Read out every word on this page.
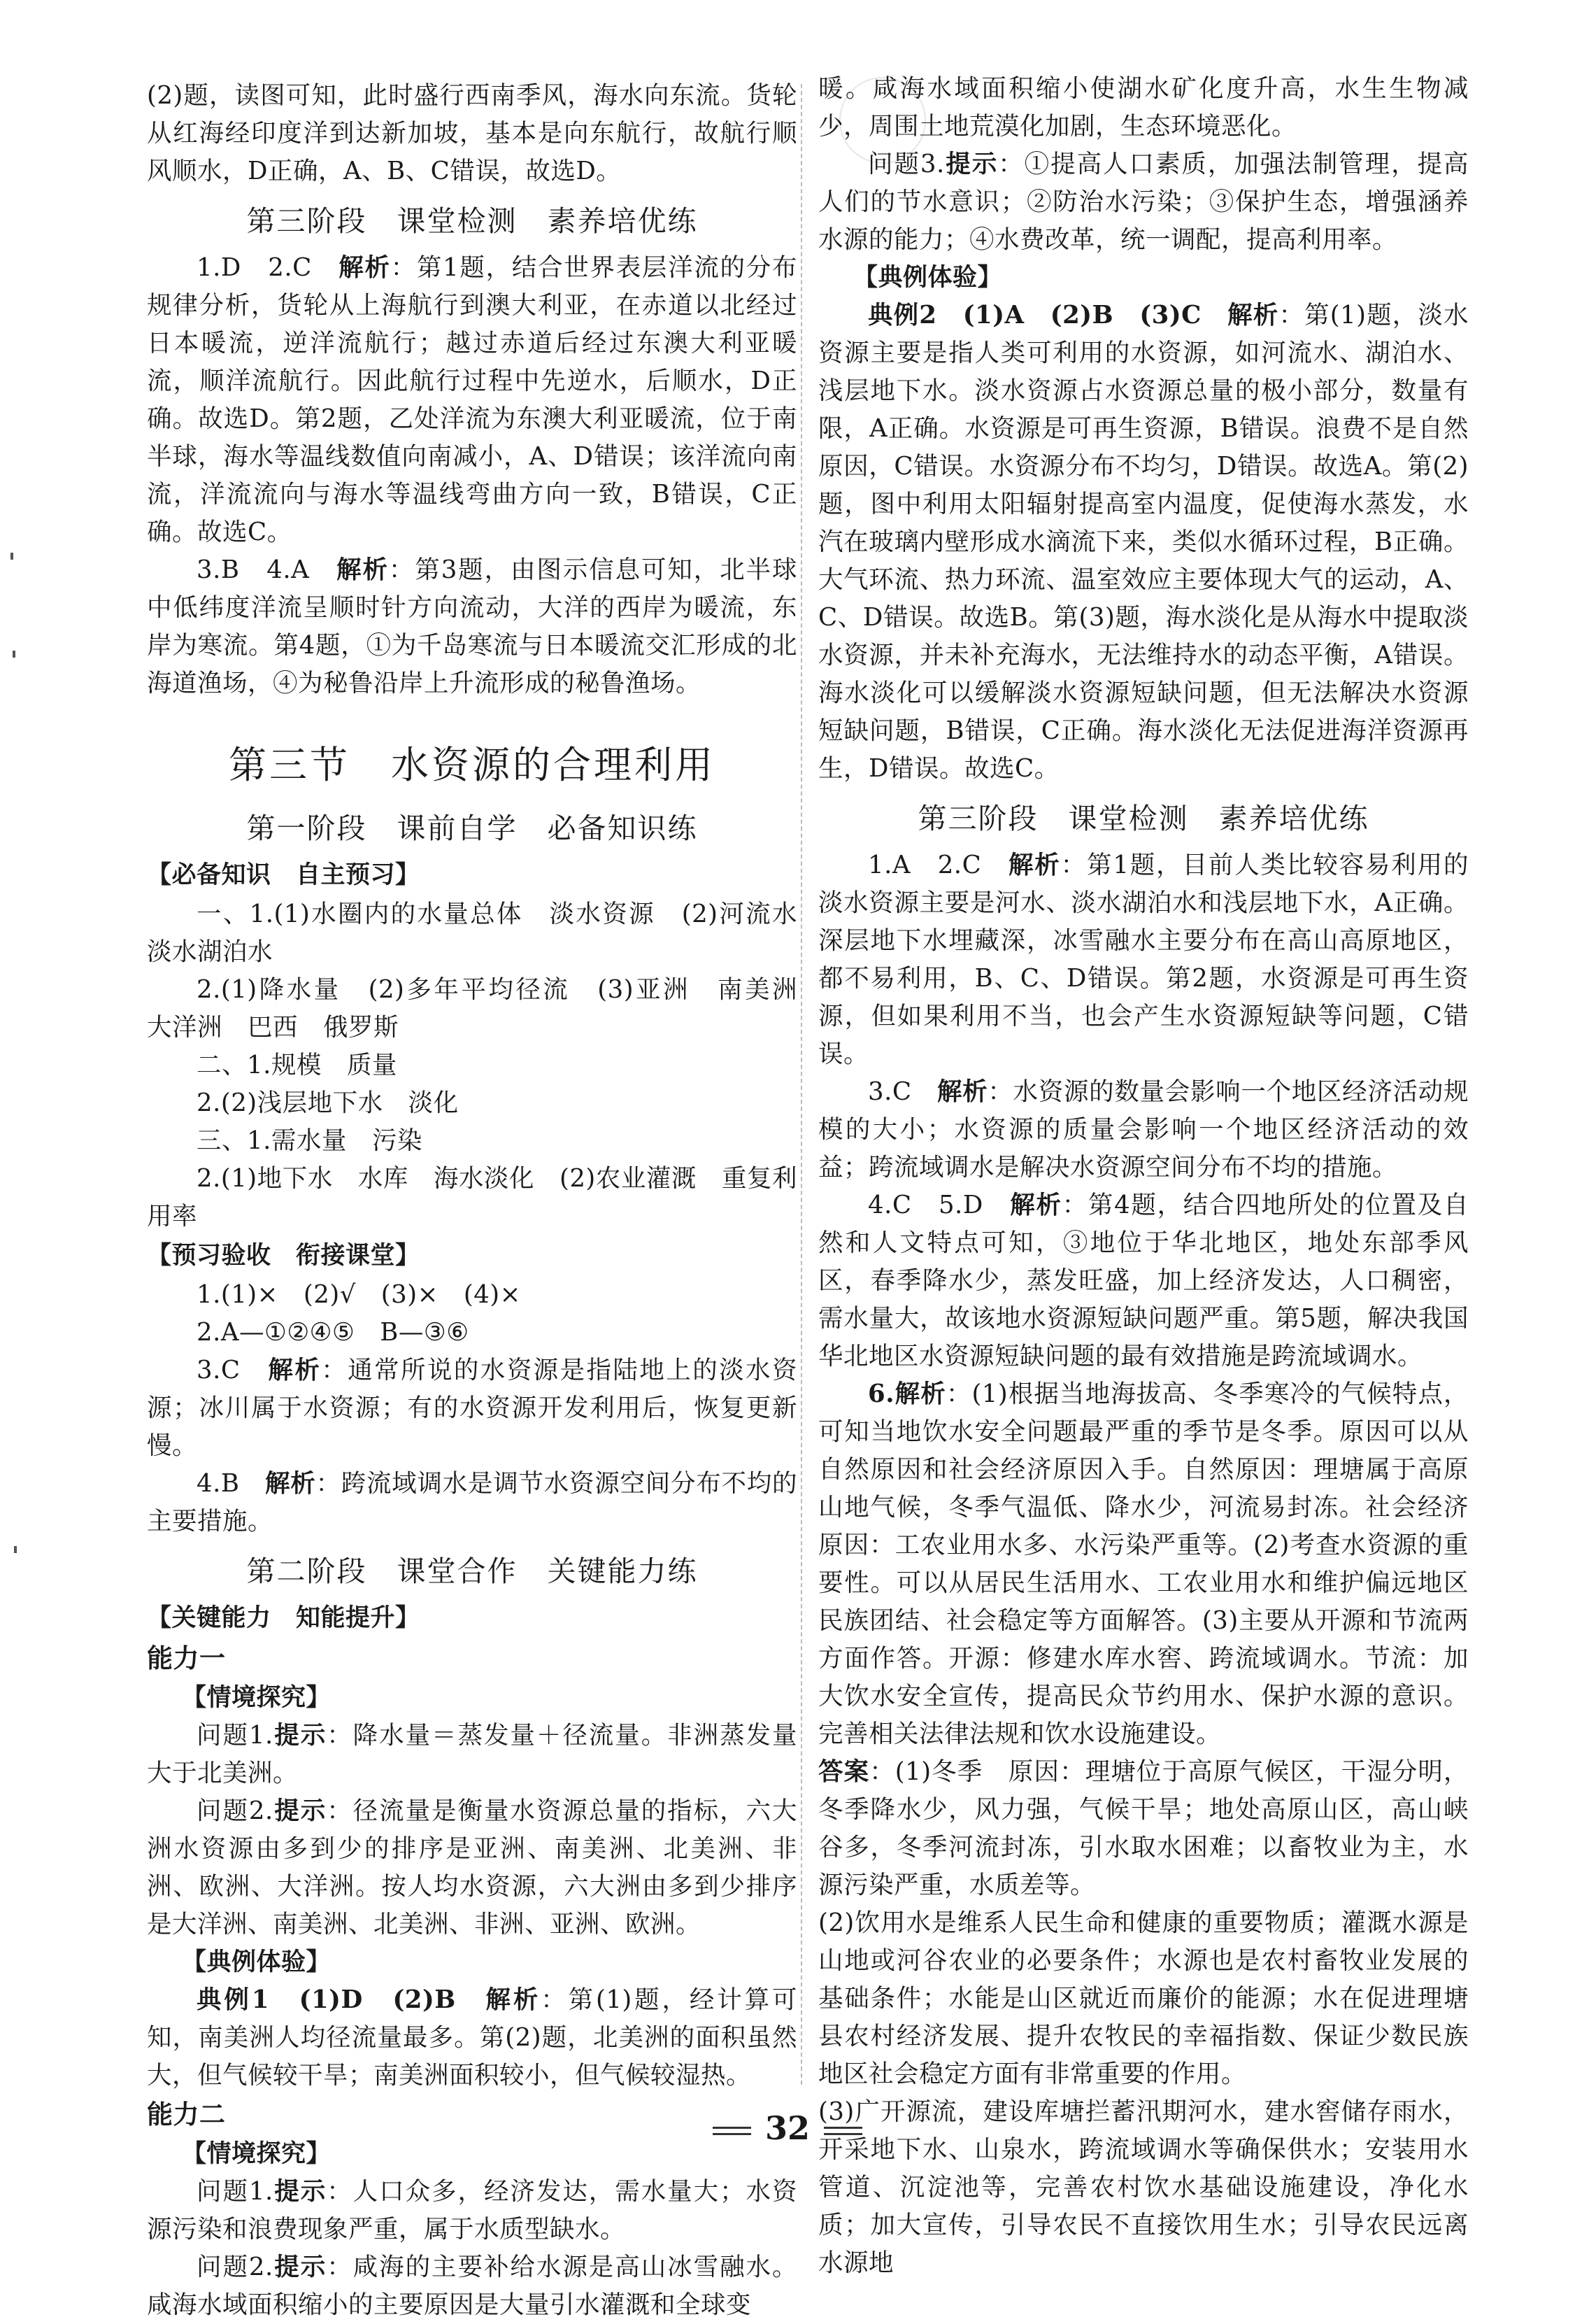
(2)题，读图可知，此时盛行西南季风，海水向东流。货轮从红海经印度洋到达新加坡，基本是向东航行，故航行顺风顺水，D正确，A、B、C错误，故选D。

第三阶段　课堂检测　素养培优练

1.D　2.C　解析：第1题，结合世界表层洋流的分布规律分析，货轮从上海航行到澳大利亚，在赤道以北经过日本暖流，逆洋流航行；越过赤道后经过东澳大利亚暖流，顺洋流航行。因此航行过程中先逆水，后顺水，D正确。故选D。第2题，乙处洋流为东澳大利亚暖流，位于南半球，海水等温线数值向南减小，A、D错误；该洋流向南流，洋流流向与海水等温线弯曲方向一致，B错误，C正确。故选C。

3.B　4.A　解析：第3题，由图示信息可知，北半球中低纬度洋流呈顺时针方向流动，大洋的西岸为暖流，东岸为寒流。第4题，①为千岛寒流与日本暖流交汇形成的北海道渔场，④为秘鲁沿岸上升流形成的秘鲁渔场。

第三节　水资源的合理利用
第一阶段　课前自学　必备知识练
【必备知识　自主预习】

一、1.(1)水圈内的水量总体　淡水资源　(2)河流水　淡水湖泊水

2.(1)降水量　(2)多年平均径流　(3)亚洲　南美洲　大洋洲　巴西　俄罗斯

二、1.规模　质量

2.(2)浅层地下水　淡化

三、1.需水量　污染

2.(1)地下水　水库　海水淡化　(2)农业灌溉　重复利用率

【预习验收　衔接课堂】

1.(1)×　(2)√　(3)×　(4)×

2.A—①②④⑤　B—③⑥

3.C　解析：通常所说的水资源是指陆地上的淡水资源；冰川属于水资源；有的水资源开发利用后，恢复更新慢。

4.B　解析：跨流域调水是调节水资源空间分布不均的主要措施。

第二阶段　课堂合作　关键能力练
【关键能力　知能提升】
能力一
【情境探究】

问题1.提示：降水量＝蒸发量＋径流量。非洲蒸发量大于北美洲。

问题2.提示：径流量是衡量水资源总量的指标，六大洲水资源由多到少的排序是亚洲、南美洲、北美洲、非洲、欧洲、大洋洲。按人均水资源，六大洲由多到少排序是大洋洲、南美洲、北美洲、非洲、亚洲、欧洲。

【典例体验】

典例1　(1)D　(2)B　解析：第(1)题，经计算可知，南美洲人均径流量最多。第(2)题，北美洲的面积虽然大，但气候较干旱；南美洲面积较小，但气候较湿热。

能力二
【情境探究】

问题1.提示：人口众多，经济发达，需水量大；水资源污染和浪费现象严重，属于水质型缺水。

问题2.提示：咸海的主要补给水源是高山冰雪融水。咸海水域面积缩小的主要原因是大量引水灌溉和全球变

暖。咸海水域面积缩小使湖水矿化度升高，水生生物减少，周围土地荒漠化加剧，生态环境恶化。

问题3.提示：①提高人口素质，加强法制管理，提高人们的节水意识；②防治水污染；③保护生态，增强涵养水源的能力；④水费改革，统一调配，提高利用率。

【典例体验】

典例2　(1)A　(2)B　(3)C　解析：第(1)题，淡水资源主要是指人类可利用的水资源，如河流水、湖泊水、浅层地下水。淡水资源占水资源总量的极小部分，数量有限，A正确。水资源是可再生资源，B错误。浪费不是自然原因，C错误。水资源分布不均匀，D错误。故选A。第(2)题，图中利用太阳辐射提高室内温度，促使海水蒸发，水汽在玻璃内壁形成水滴流下来，类似水循环过程，B正确。大气环流、热力环流、温室效应主要体现大气的运动，A、C、D错误。故选B。第(3)题，海水淡化是从海水中提取淡水资源，并未补充海水，无法维持水的动态平衡，A错误。海水淡化可以缓解淡水资源短缺问题，但无法解决水资源短缺问题，B错误，C正确。海水淡化无法促进海洋资源再生，D错误。故选C。

第三阶段　课堂检测　素养培优练

1.A　2.C　解析：第1题，目前人类比较容易利用的淡水资源主要是河水、淡水湖泊水和浅层地下水，A正确。深层地下水埋藏深，冰雪融水主要分布在高山高原地区，都不易利用，B、C、D错误。第2题，水资源是可再生资源，但如果利用不当，也会产生水资源短缺等问题，C错误。

3.C　解析：水资源的数量会影响一个地区经济活动规模的大小；水资源的质量会影响一个地区经济活动的效益；跨流域调水是解决水资源空间分布不均的措施。

4.C　5.D　解析：第4题，结合四地所处的位置及自然和人文特点可知，③地位于华北地区，地处东部季风区，春季降水少，蒸发旺盛，加上经济发达，人口稠密，需水量大，故该地水资源短缺问题严重。第5题，解决我国华北地区水资源短缺问题的最有效措施是跨流域调水。

6.解析：(1)根据当地海拔高、冬季寒冷的气候特点，可知当地饮水安全问题最严重的季节是冬季。原因可以从自然原因和社会经济原因入手。自然原因：理塘属于高原山地气候，冬季气温低、降水少，河流易封冻。社会经济原因：工农业用水多、水污染严重等。(2)考查水资源的重要性。可以从居民生活用水、工农业用水和维护偏远地区民族团结、社会稳定等方面解答。(3)主要从开源和节流两方面作答。开源：修建水库水窖、跨流域调水。节流：加大饮水安全宣传，提高民众节约用水、保护水源的意识。完善相关法律法规和饮水设施建设。

答案：(1)冬季　原因：理塘位于高原气候区，干湿分明，冬季降水少，风力强，气候干旱；地处高原山区，高山峡谷多，冬季河流封冻，引水取水困难；以畜牧业为主，水源污染严重，水质差等。

(2)饮用水是维系人民生命和健康的重要物质；灌溉水源是山地或河谷农业的必要条件；水源也是农村畜牧业发展的基础条件；水能是山区就近而廉价的能源；水在促进理塘县农村经济发展、提升农牧民的幸福指数、保证少数民族地区社会稳定方面有非常重要的作用。

(3)广开源流，建设库塘拦蓄汛期河水，建水窖储存雨水，开采地下水、山泉水，跨流域调水等确保供水；安装用水管道、沉淀池等，完善农村饮水基础设施建设，净化水质；加大宣传，引导农民不直接饮用生水；引导农民远离水源地

32
